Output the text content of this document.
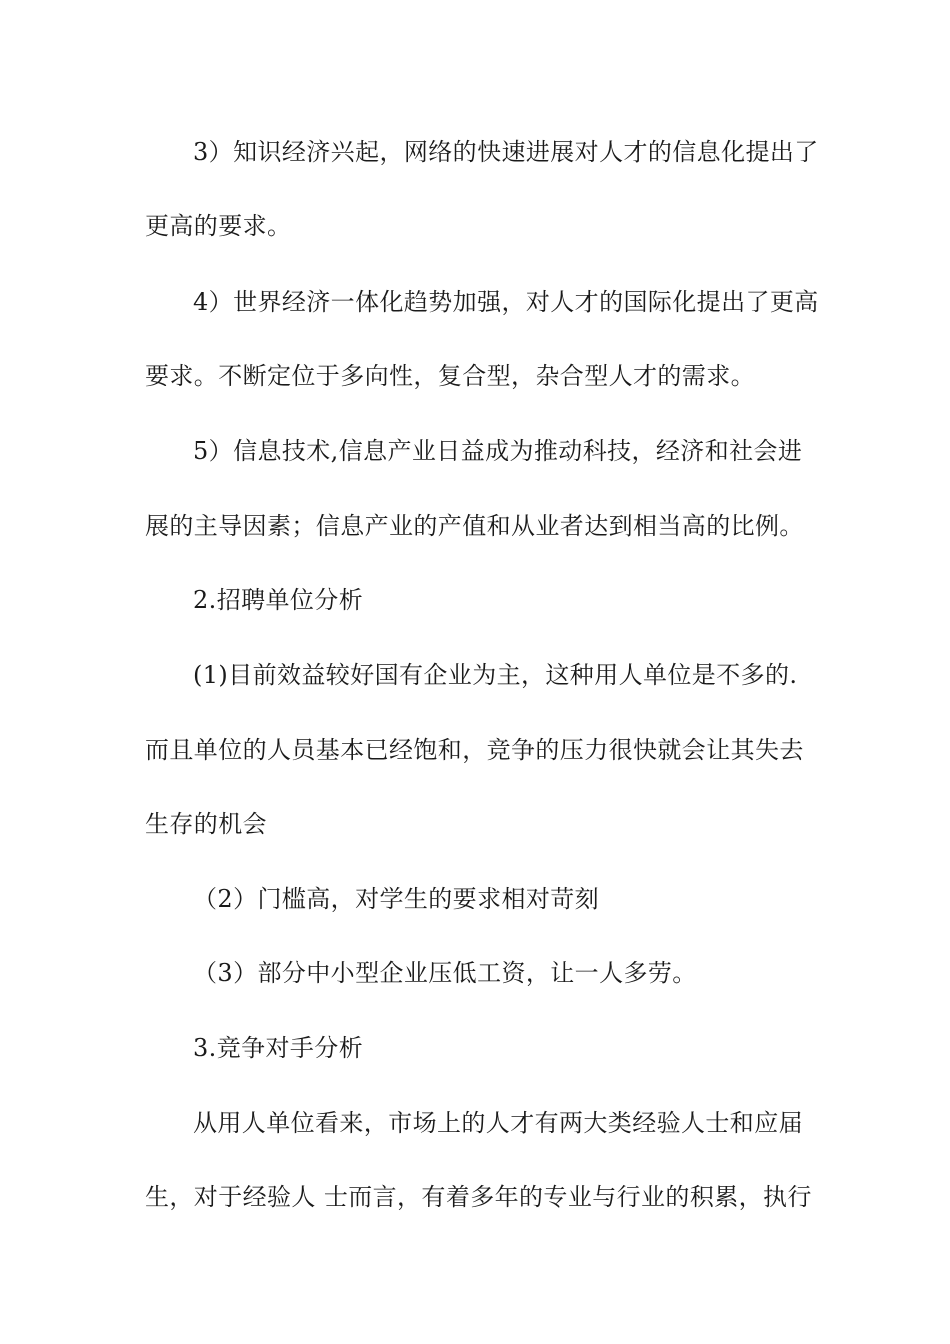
3）知识经济兴起，网络的快速进展对人才的信息化提出了
更高的要求。
4）世界经济一体化趋势加强，对人才的国际化提出了更高
要求。不断定位于多向性，复合型，杂合型人才的需求。
5）信息技术,信息产业日益成为推动科技，经济和社会进
展的主导因素；信息产业的产值和从业者达到相当高的比例。
2.招聘单位分析
(1)目前效益较好国有企业为主，这种用人单位是不多的.
而且单位的人员基本已经饱和，竞争的压力很快就会让其失去
生存的机会
（2）门槛高，对学生的要求相对苛刻
（3）部分中小型企业压低工资，让一人多劳。
3.竞争对手分析
从用人单位看来，市场上的人才有两大类经验人士和应届
生，对于经验人 士而言，有着多年的专业与行业的积累，执行
